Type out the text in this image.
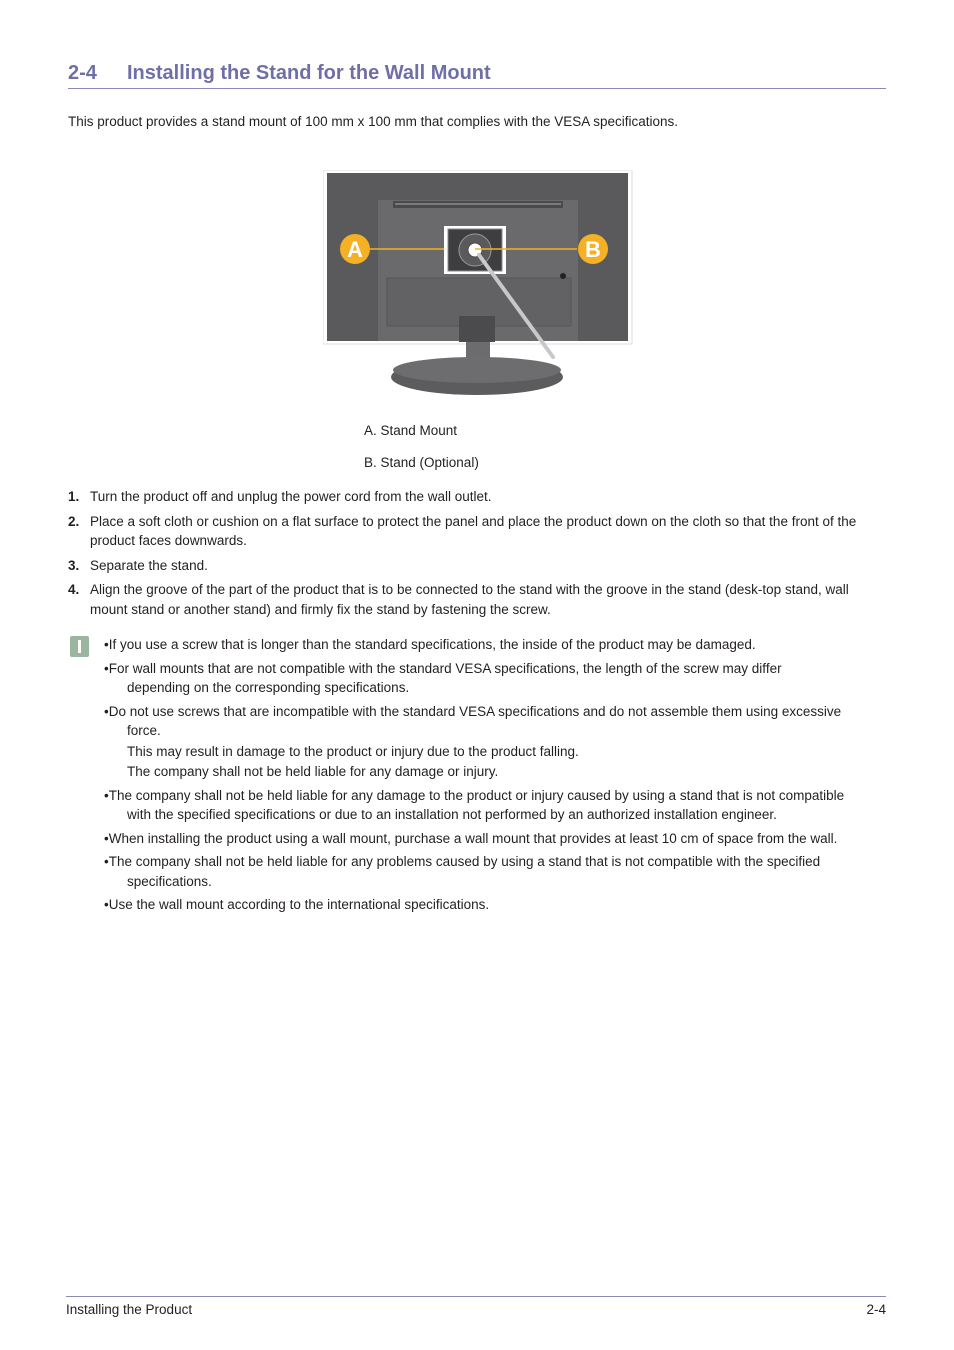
2-4 Installing the Stand for the Wall Mount
This product provides a stand mount of 100 mm x 100 mm that complies with the VESA specifications.
A	B
A. Stand Mount
B. Stand (Optional)
1. Turn the product off and unplug the power cord from the wall outlet.
2. Place a soft cloth or cushion on a flat surface to protect the panel and place the product down on the cloth so that the front of the product faces downwards.
3. Separate the stand.
4. Align the groove of the part of the product that is to be connected to the stand with the groove in the stand (desk-top stand, wall mount stand or another stand) and firmly fix the stand by fastening the screw.
•If you use a screw that is longer than the standard specifications, the inside of the product may be damaged.
•For wall mounts that are not compatible with the standard VESA specifications, the length of the screw may differ
depending on the corresponding specifications.
•Do not use screws that are incompatible with the standard VESA specifications and do not assemble them using excessive
force.
This may result in damage to the product or injury due to the product falling.
The company shall not be held liable for any damage or injury.
•The company shall not be held liable for any damage to the product or injury caused by using a stand that is not compatible
with the specified specifications or due to an installation not performed by an authorized installation engineer.
•When installing the product using a wall mount, purchase a wall mount that provides at least 10 cm of space from the wall.
•The company shall not be held liable for any problems caused by using a stand that is not compatible with the specified
specifications.
•Use the wall mount according to the international specifications.
Installing the Product	2-4
